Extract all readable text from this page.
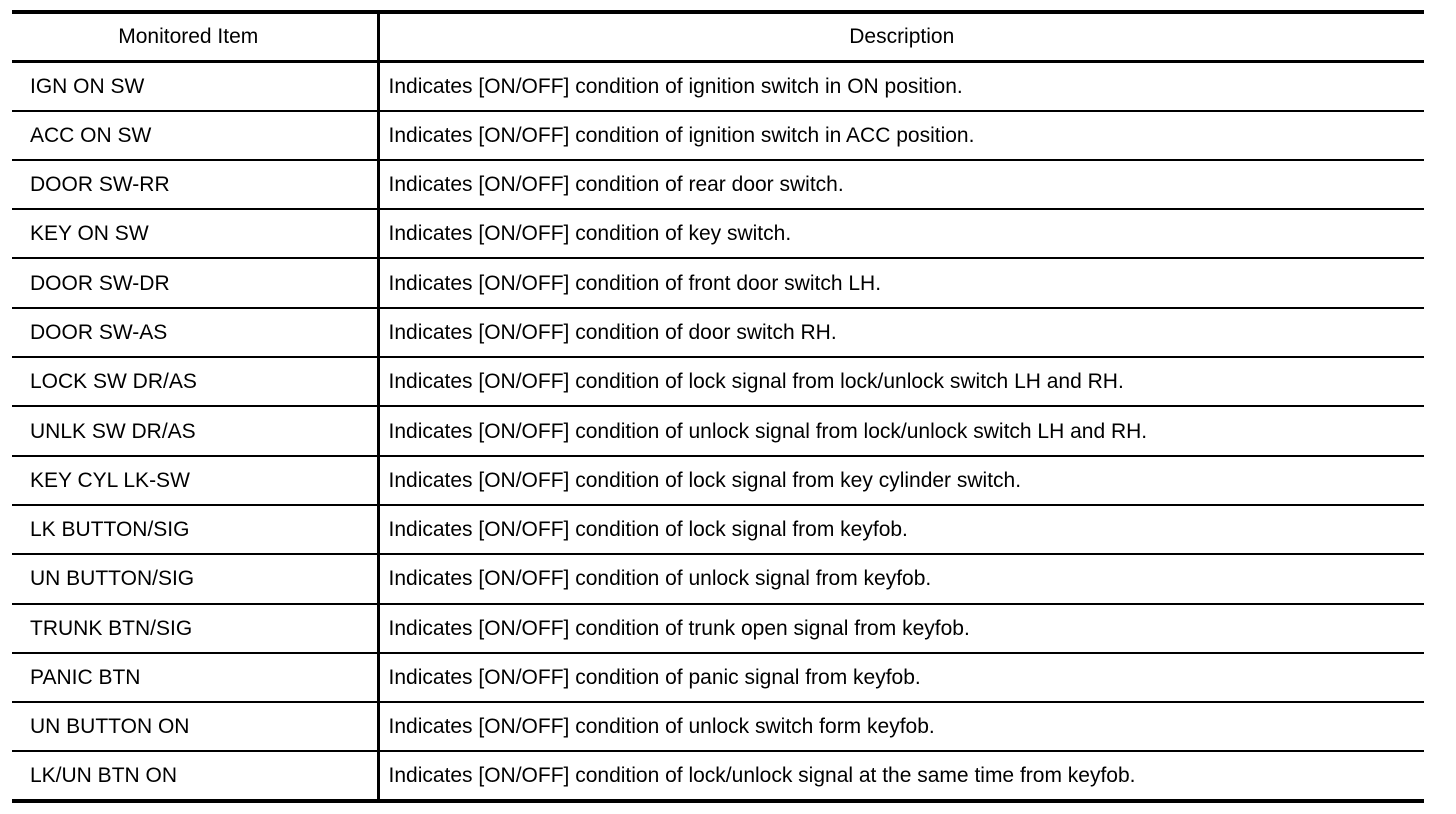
Monitored Item	Description
IGN ON SW	Indicates [ON/OFF] condition of ignition switch in ON position.
ACC ON SW	Indicates [ON/OFF] condition of ignition switch in ACC position.
DOOR SW-RR	Indicates [ON/OFF] condition of rear door switch.
KEY ON SW	Indicates [ON/OFF] condition of key switch.
DOOR SW-DR	Indicates [ON/OFF] condition of front door switch LH.
DOOR SW-AS	Indicates [ON/OFF] condition of door switch RH.
LOCK SW DR/AS	Indicates [ON/OFF] condition of lock signal from lock/unlock switch LH and RH.
UNLK SW DR/AS	Indicates [ON/OFF] condition of unlock signal from lock/unlock switch LH and RH.
KEY CYL LK-SW	Indicates [ON/OFF] condition of lock signal from key cylinder switch.
LK BUTTON/SIG	Indicates [ON/OFF] condition of lock signal from keyfob.
UN BUTTON/SIG	Indicates [ON/OFF] condition of unlock signal from keyfob.
TRUNK BTN/SIG	Indicates [ON/OFF] condition of trunk open signal from keyfob.
PANIC BTN	Indicates [ON/OFF] condition of panic signal from keyfob.
UN BUTTON ON	Indicates [ON/OFF] condition of unlock switch form keyfob.
LK/UN BTN ON	Indicates [ON/OFF] condition of lock/unlock signal at the same time from keyfob.
